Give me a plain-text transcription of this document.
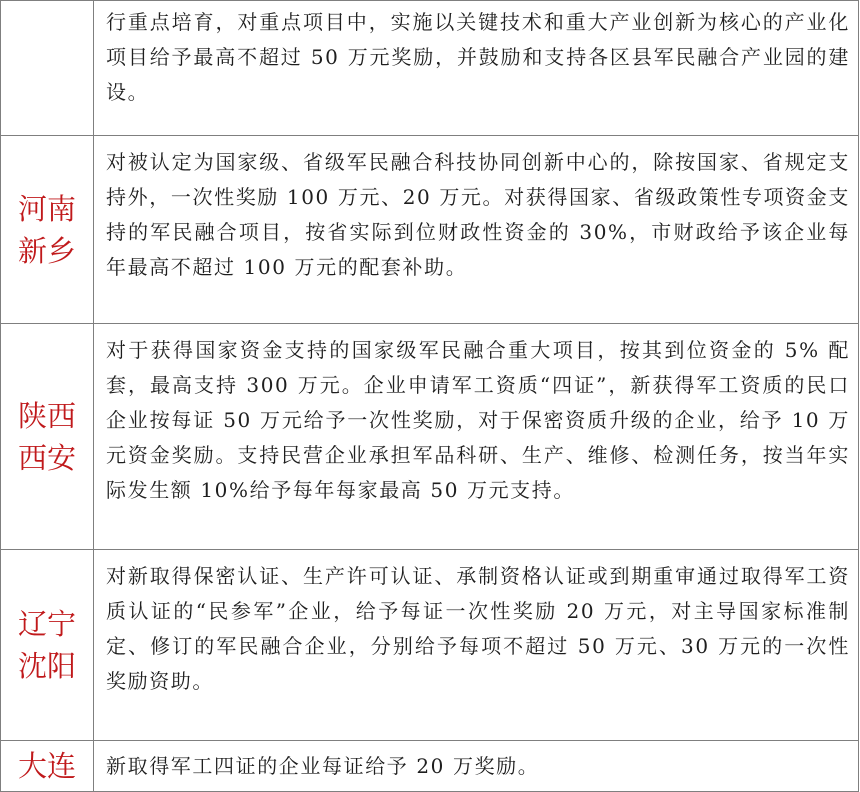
	行重点培育，对重点项目中，实施以关键技术和重大产业创新为核心的产业化项目给予最高不超过 50 万元奖励，并鼓励和支持各区县军民融合产业园的建设。

河南
新乡	对被认定为国家级、省级军民融合科技协同创新中心的，除按国家、省规定支持外，一次性奖励 100 万元、20 万元。对获得国家、省级政策性专项资金支持的军民融合项目，按省实际到位财政性资金的 30%，市财政给予该企业每年最高不超过 100 万元的配套补助。

陕西
西安	对于获得国家资金支持的国家级军民融合重大项目，按其到位资金的 5% 配套，最高支持 300 万元。企业申请军工资质“四证”，新获得军工资质的民口企业按每证 50 万元给予一次性奖励，对于保密资质升级的企业，给予 10 万元资金奖励。支持民营企业承担军品科研、生产、维修、检测任务，按当年实际发生额 10%给予每年每家最高 50 万元支持。

辽宁
沈阳	对新取得保密认证、生产许可认证、承制资格认证或到期重审通过取得军工资质认证的“民参军”企业，给予每证一次性奖励 20 万元，对主导国家标准制定、修订的军民融合企业，分别给予每项不超过 50 万元、30 万元的一次性奖励资助。

大连	新取得军工四证的企业每证给予 20 万奖励。
